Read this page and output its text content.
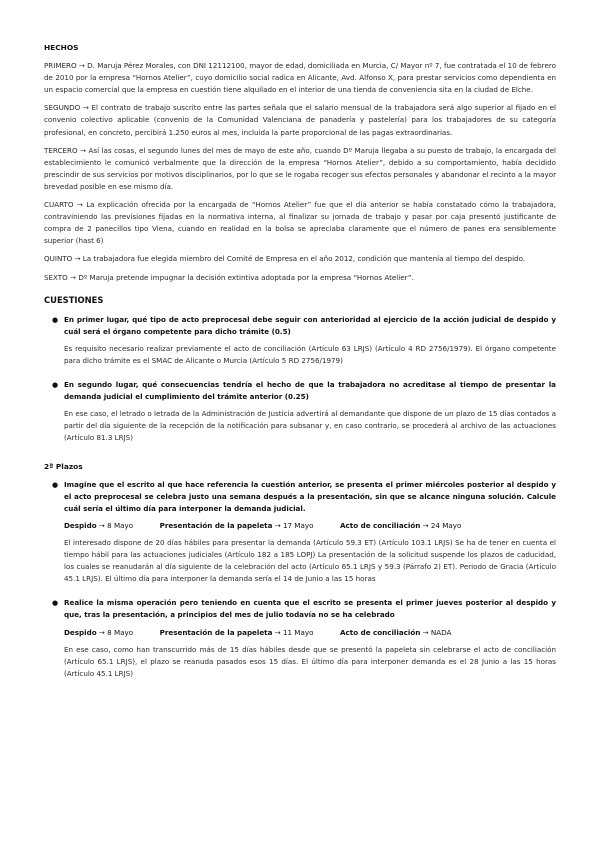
HECHOS

PRIMERO → D. Maruja Pérez Morales, con DNI 12112100, mayor de edad, domiciliada en Murcia, C/ Mayor nº 7, fue contratada el 10 de febrero de 2010 por la empresa “Hornos Atelier”, cuyo domicilio social radica en Alicante, Avd. Alfonso X, para prestar servicios como dependienta en un espacio comercial que la empresa en cuestión tiene alquilado en el interior de una tienda de conveniencia sita en la ciudad de Elche.

SEGUNDO → El contrato de trabajo suscrito entre las partes señala que el salario mensual de la trabajadora será algo superior al fijado en el convenio colectivo aplicable (convenio de la Comunidad Valenciana de panadería y pastelería) para los trabajadores de su categoría profesional, en concreto, percibirá 1.250 euros al mes, incluida la parte proporcional de las pagas extraordinarias.

TERCERO → Así las cosas, el segundo lunes del mes de mayo de este año, cuando Dº Maruja llegaba a su puesto de trabajo, la encargada del establecimiento le comunicó verbalmente que la dirección de la empresa “Hornos Atelier”, debido a su comportamiento, había decidido prescindir de sus servicios por motivos disciplinarios, por lo que se le rogaba recoger sus efectos personales y abandonar el recinto a la mayor brevedad posible en ese mismo día.

CUARTO → La explicación ofrecida por la encargada de “Hornos Atelier” fue que el día anterior se había constatado cómo la trabajadora, contraviniendo las previsiones fijadas en la normativa interna, al finalizar su jornada de trabajo y pasar por caja presentó justificante de compra de 2 panecillos tipo Viena, cuando en realidad en la bolsa se apreciaba claramente que el número de panes era sensiblemente superior (hast 6)

QUINTO → La trabajadora fue elegida miembro del Comité de Empresa en el año 2012, condición que mantenía al tiempo del despido.

SEXTO → Dº Maruja pretende impugnar la decisión extintiva adoptada por la empresa “Hornos Atelier”.

CUESTIONES

● En primer lugar, qué tipo de acto preprocesal debe seguir con anterioridad al ejercicio de la acción judicial de despido y cuál será el órgano competente para dicho trámite (0.5)

Es requisito necesario realizar previamente el acto de conciliación (Artículo 63 LRJS) (Artículo 4 RD 2756/1979). El órgano competente para dicho trámite es el SMAC de Alicante o Murcia (Artículo 5 RD 2756/1979)

● En segundo lugar, qué consecuencias tendría el hecho de que la trabajadora no acreditase al tiempo de presentar la demanda judicial el cumplimiento del trámite anterior (0.25)

En ese caso, el letrado o letrada de la Administración de Justicia advertirá al demandante que dispone de un plazo de 15 días contados a partir del día siguiente de la recepción de la notificación para subsanar y, en caso contrario, se procederá al archivo de las actuaciones (Artículo 81.3 LRJS)

2ª Plazos

● Imagine que el escrito al que hace referencia la cuestión anterior, se presenta el primer miércoles posterior al despido y el acto preprocesal se celebra justo una semana después a la presentación, sin que se alcance ninguna solución. Calcule cuál sería el último día para interponer la demanda judicial.

Despido → 8 Mayo	Presentación de la papeleta → 17 Mayo	Acto de conciliación → 24 Mayo

El interesado dispone de 20 días hábiles para presentar la demanda (Artículo 59.3 ET) (Artículo 103.1 LRJS) Se ha de tener en cuenta el tiempo hábil para las actuaciones judiciales (Artículo 182 a 185 LOPJ) La presentación de la solicitud suspende los plazos de caducidad, los cuales se reanudarán al día siguiente de la celebración del acto (Artículo 65.1 LRJS y 59.3 (Párrafo 2) ET). Periodo de Gracia (Artículo 45.1 LRJS). El último día para interponer la demanda sería el 14 de Junio a las 15 horas

● Realice la misma operación pero teniendo en cuenta que el escrito se presenta el primer jueves posterior al despido y que, tras la presentación, a principios del mes de julio todavía no se ha celebrado

Despido → 8 Mayo	Presentación de la papeleta → 11 Mayo	Acto de conciliación → NADA

En ese caso, como han transcurrido más de 15 días hábiles desde que se presentó la papeleta sin celebrarse el acto de conciliación (Artículo 65.1 LRJS), el plazo se reanuda pasados esos 15 días. El último día para interponer demanda es el 28 Junio a las 15 horas (Artículo 45.1 LRJS)
